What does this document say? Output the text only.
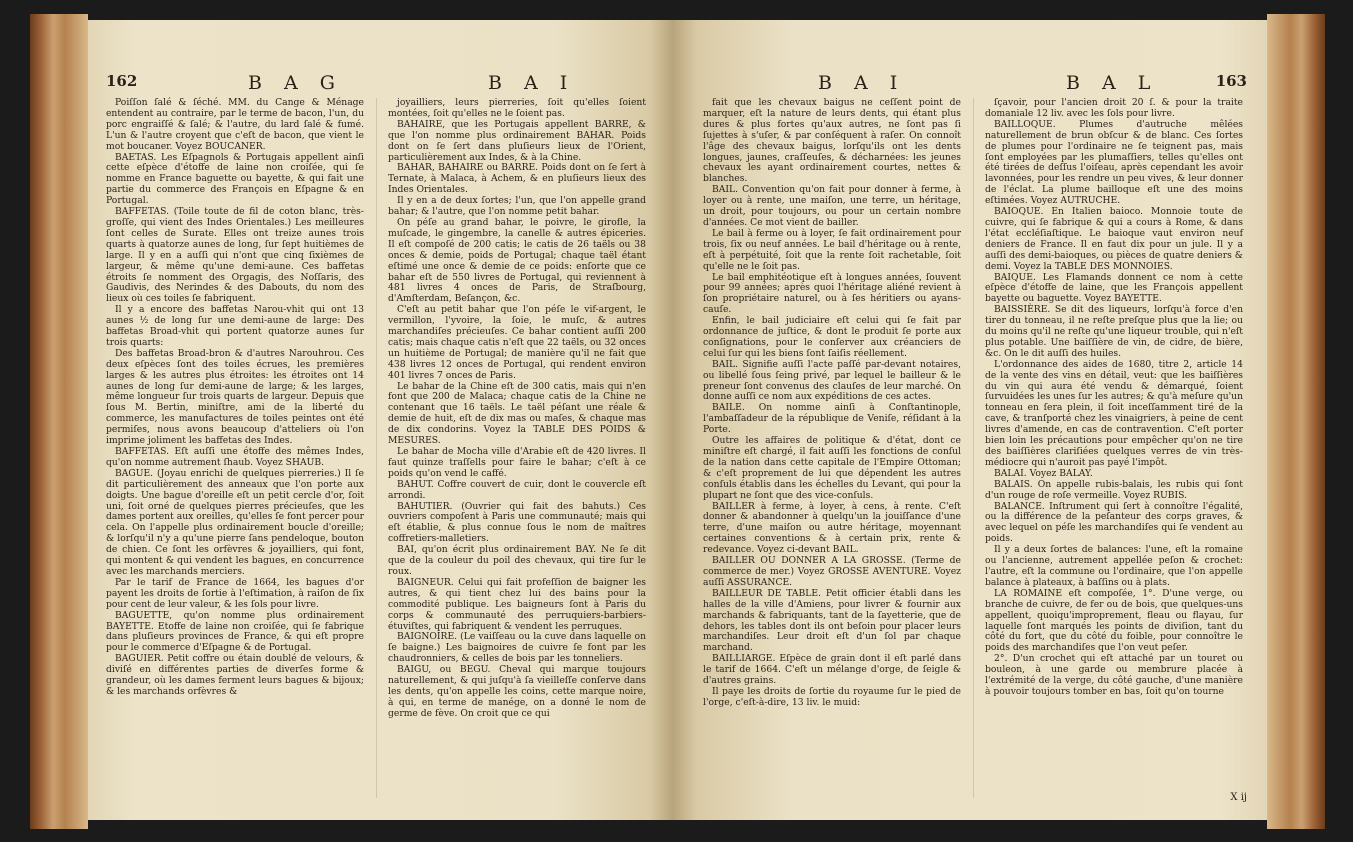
162	B A G	B A I

Poiſſon ſalé & ſéché. MM. du Cange & Ménage entendent au contraire, par le terme de bacon, l'un, du porc engraiſſé & ſalé; & l'autre, du lard ſalé & fumé. L'un & l'autre croyent que c'eſt de bacon, que vient le mot boucaner. Voyez BOUCANER.

BAETAS. Les Eſpagnols & Portugais appellent ainſi cette eſpèce d'étoffe de laine non croiſée, qui ſe nomme en France baguette ou bayette, & qui fait une partie du commerce des François en Eſpagne & en Portugal.

BAFFETAS. (Toile toute de fil de coton blanc, très-groſſe, qui vient des Indes Orientales.) Les meilleures ſont celles de Surate. Elles ont treize aunes trois quarts à quatorze aunes de long, ſur ſept huitièmes de large. Il y en a auſſi qui n'ont que cinq ſixièmes de largeur, & même qu'une demi-aune. Ces baffetas étroits ſe nomment des Orgagis, des Noſſaris, des Gaudivis, des Nerindes & des Dabouts, du nom des lieux où ces toiles ſe fabriquent.

Il y a encore des baffetas Narou-vhit qui ont 13 aunes ½ de long ſur une demi-aune de large: Des baffetas Broad-vhit qui portent quatorze aunes ſur trois quarts:

Des baffetas Broad-bron & d'autres Narouhrou. Ces deux eſpèces ſont des toiles écrues, les premières larges & les autres plus étroites: les étroites ont 14 aunes de long ſur demi-aune de large; & les larges, même longueur ſur trois quarts de largeur. Depuis que ſous M. Bertin, miniſtre, ami de la liberté du commerce, les manufactures de toiles peintes ont été permiſes, nous avons beaucoup d'atteliers où l'on imprime joliment les baffetas des Indes.

BAFFETAS. Eſt auſſi une étoffe des mêmes Indes, qu'on nomme autrement ſhaub. Voyez SHAUB.

BAGUE. (Joyau enrichi de quelques pierreries.) Il ſe dit particulièrement des anneaux que l'on porte aux doigts. Une bague d'oreille eſt un petit cercle d'or, ſoit uni, ſoit orné de quelques pierres précieuſes, que les dames portent aux oreilles, qu'elles ſe font percer pour cela. On l'appelle plus ordinairement boucle d'oreille; & lorſqu'il n'y a qu'une pierre ſans pendeloque, bouton de chien. Ce ſont les orfèvres & joyailliers, qui font, qui montent & qui vendent les bagues, en concurrence avec les marchands merciers.

Par le tarif de France de 1664, les bagues d'or payent les droits de ſortie à l'eſtimation, à raiſon de ſix pour cent de leur valeur, & les ſols pour livre.

BAGUETTE, qu'on nomme plus ordinairement BAYETTE. Etoffe de laine non croiſée, qui ſe fabrique dans pluſieurs provinces de France, & qui eſt propre pour le commerce d'Eſpagne & de Portugal.

BAGUIER. Petit coffre ou étain doublé de velours, & diviſé en différentes parties de diverſes forme & grandeur, où les dames ferment leurs bagues & bijoux; & les marchands orfèvres &

joyailliers, leurs pierreries, ſoit qu'elles ſoient montées, ſoit qu'elles ne le ſoient pas.

BAHAIRE, que les Portugais appellent BARRE, & que l'on nomme plus ordinairement BAHAR. Poids dont on ſe ſert dans pluſieurs lieux de l'Orient, particulièrement aux Indes, & à la Chine.

BAHAR, BAHAIRE ou BARRE. Poids dont on ſe ſert à Ternate, à Malaca, à Achem, & en pluſieurs lieux des Indes Orientales.

Il y en a de deux ſortes; l'un, que l'on appelle grand bahar; & l'autre, que l'on nomme petit bahar.

On péſe au grand bahar, le poivre, le girofle, la muſcade, le gingembre, la canelle & autres épiceries. Il eſt compoſé de 200 catis; le catis de 26 taëls ou 38 onces & demie, poids de Portugal; chaque taël étant eſtimé une once & demie de ce poids: enſorte que ce bahar eſt de 550 livres de Portugal, qui reviennent à 481 livres 4 onces de Paris, de Straſbourg, d'Amſterdam, Beſançon, &c.

C'eſt au petit bahar que l'on péſe le vif-argent, le vermillon, l'yvoire, la ſoie, le muſc, & autres marchandiſes précieuſes. Ce bahar contient auſſi 200 catis; mais chaque catis n'eſt que 22 taëls, ou 32 onces un huitième de Portugal; de manière qu'il ne fait que 438 livres 12 onces de Portugal, qui rendent environ 401 livres 7 onces de Paris.

Le bahar de la Chine eſt de 300 catis, mais qui n'en font que 200 de Malaca; chaque catis de la Chine ne contenant que 16 taëls. Le taël péſant une réale & demie de huit, eſt de dix mas ou maſes, & chaque mas de dix condorins. Voyez la TABLE DES POIDS & MESURES.

Le bahar de Mocha ville d'Arabie eſt de 420 livres. Il faut quinze traſſells pour faire le bahar; c'eſt à ce poids qu'on vend le caffé.

BAHUT. Coffre couvert de cuir, dont le couvercle eſt arrondi.

BAHUTIER. (Ouvrier qui fait des bahuts.) Ces ouvriers compoſent à Paris une communauté; mais qui eſt établie, & plus connue ſous le nom de maîtres coffretiers-malletiers.

BAI, qu'on écrit plus ordinairement BAY. Ne ſe dit que de la couleur du poil des chevaux, qui tire ſur le roux.

BAIGNEUR. Celui qui fait profeſſion de baigner les autres, & qui tient chez lui des bains pour la commodité publique. Les baigneurs ſont à Paris du corps & communauté des perruquiers-barbiers-étuviſtes, qui fabriquent & vendent les perruques.

BAIGNOIRE. (Le vaiſſeau ou la cuve dans laquelle on ſe baigne.) Les baignoires de cuivre ſe font par les chaudronniers, & celles de bois par les tonneliers.

BAIGU, ou BEGU. Cheval qui marque toujours naturellement, & qui juſqu'à ſa vieilleſſe conſerve dans les dents, qu'on appelle les coins, cette marque noire, à qui, en terme de manége, on a donné le nom de germe de fève. On croit que ce qui

B A I	B A L	163

fait que les chevaux baigus ne ceſſent point de marquer, eſt la nature de leurs dents, qui étant plus dures & plus fortes qu'aux autres, ne ſont pas ſi ſujettes à s'uſer, & par conſéquent à raſer. On connoît l'âge des chevaux baigus, lorſqu'ils ont les dents longues, jaunes, craſſeuſes, & décharnées: les jeunes chevaux les ayant ordinairement courtes, nettes & blanches.

BAIL. Convention qu'on fait pour donner à ferme, à loyer ou à rente, une maiſon, une terre, un héritage, un droit, pour toujours, ou pour un certain nombre d'années. Ce mot vient de bailler.

Le bail à ferme ou à loyer, ſe fait ordinairement pour trois, ſix ou neuf années. Le bail d'héritage ou à rente, eſt à perpétuité, ſoit que la rente ſoit rachetable, ſoit qu'elle ne le ſoit pas.

Le bail emphitéotique eſt à longues années, ſouvent pour 99 années; après quoi l'héritage aliéné revient à ſon propriétaire naturel, ou à ſes héritiers ou ayans-cauſe.

Enfin, le bail judiciaire eſt celui qui ſe fait par ordonnance de juſtice, & dont le produit ſe porte aux conſignations, pour le conſerver aux créanciers de celui ſur qui les biens ſont ſaiſis réellement.

BAIL. Signifie auſſi l'acte paſſé par-devant notaires, ou libellé ſous ſeing privé, par lequel le bailleur & le preneur ſont convenus des clauſes de leur marché. On donne auſſi ce nom aux expéditions de ces actes.

BAILE. On nomme ainſi à Conſtantinople, l'ambaſſadeur de la république de Veniſe, réſidant à la Porte.

Outre les affaires de politique & d'état, dont ce miniſtre eſt chargé, il fait auſſi les fonctions de conſul de la nation dans cette capitale de l'Empire Ottoman; & c'eſt proprement de lui que dépendent les autres conſuls établis dans les échelles du Levant, qui pour la plupart ne ſont que des vice-conſuls.

BAILLER à ferme, à loyer, à cens, à rente. C'eſt donner & abandonner à quelqu'un la jouiſſance d'une terre, d'une maiſon ou autre héritage, moyennant certaines conventions & à certain prix, rente & redevance. Voyez ci-devant BAIL.

BAILLER OU DONNER A LA GROSSE. (Terme de commerce de mer.) Voyez GROSSE AVENTURE. Voyez auſſi ASSURANCE.

BAILLEUR DE TABLE. Petit officier établi dans les halles de la ville d'Amiens, pour livrer & fournir aux marchands & fabriquants, tant de la ſayetterie, que de dehors, les tables dont ils ont beſoin pour placer leurs marchandiſes. Leur droit eſt d'un ſol par chaque marchand.

BAILLIARGE. Eſpèce de grain dont il eſt parlé dans le tarif de 1664. C'eſt un mélange d'orge, de ſeigle & d'autres grains.

Il paye les droits de ſortie du royaume ſur le pied de l'orge, c'eſt-à-dire, 13 liv. le muid:

ſçavoir, pour l'ancien droit 20 ſ. & pour la traite domaniale 12 liv. avec les ſols pour livre.

BAILLOQUE. Plumes d'autruche mêlées naturellement de brun obſcur & de blanc. Ces ſortes de plumes pour l'ordinaire ne ſe teignent pas, mais ſont employées par les plumaſſiers, telles qu'elles ont été tirées de deſſus l'oiſeau, après cependant les avoir lavonnées, pour les rendre un peu vives, & leur donner de l'éclat. La plume bailloque eſt une des moins eſtimées. Voyez AUTRUCHE.

BAIOQUE. En Italien baioco. Monnoie toute de cuivre, qui ſe fabrique & qui a cours à Rome, & dans l'état eccléſiaſtique. Le baioque vaut environ neuf deniers de France. Il en faut dix pour un jule. Il y a auſſi des demi-baioques, ou pièces de quatre deniers & demi. Voyez la TABLE DES MONNOIES.

BAIQUE. Les Flamands donnent ce nom à cette eſpèce d'étoffe de laine, que les François appellent bayette ou baguette. Voyez BAYETTE.

BAISSIÈRE. Se dit des liqueurs, lorſqu'à force d'en tirer du tonneau, il ne reſte preſque plus que la lie; ou du moins qu'il ne reſte qu'une liqueur trouble, qui n'eſt plus potable. Une baiſſière de vin, de cidre, de bière, &c. On le dit auſſi des huiles.

L'ordonnance des aides de 1680, titre 2, article 14 de la vente des vins en détail, veut: que les baiſſières du vin qui aura été vendu & démarqué, ſoient ſurvuidées les unes ſur les autres; & qu'à meſure qu'un tonneau en ſera plein, il ſoit inceſſamment tiré de la cave, & tranſporté chez les vinaigriers, à peine de cent livres d'amende, en cas de contravention. C'eſt porter bien loin les précautions pour empêcher qu'on ne tire des baiſſières clariſiées quelques verres de vin très-médiocre qui n'auroit pas payé l'impôt.

BALAI. Voyez BALAY.

BALAIS. On appelle rubis-balais, les rubis qui ſont d'un rouge de roſe vermeille. Voyez RUBIS.

BALANCE. Inſtrument qui ſert à connoître l'égalité, ou la différence de la peſanteur des corps graves, & avec lequel on péſe les marchandiſes qui ſe vendent au poids.

Il y a deux ſortes de balances: l'une, eſt la romaine ou l'ancienne, autrement appellée peſon & crochet: l'autre, eſt la commune ou l'ordinaire, que l'on appelle balance à plateaux, à baſſins ou à plats.

LA ROMAINE eſt compoſée, 1°. D'une verge, ou branche de cuivre, de fer ou de bois, que quelques-uns appellent, quoiqu'improprement, fleau ou flayau, ſur laquelle ſont marqués les points de diviſion, tant du côté du fort, que du côté du foible, pour connoître le poids des marchandiſes que l'on veut peſer.

2°. D'un crochet qui eſt attaché par un touret ou bouleon, à une garde ou membrure placée à l'extrémité de la verge, du côté gauche, d'une manière à pouvoir toujours tomber en bas, ſoit qu'on tourne

X ij
